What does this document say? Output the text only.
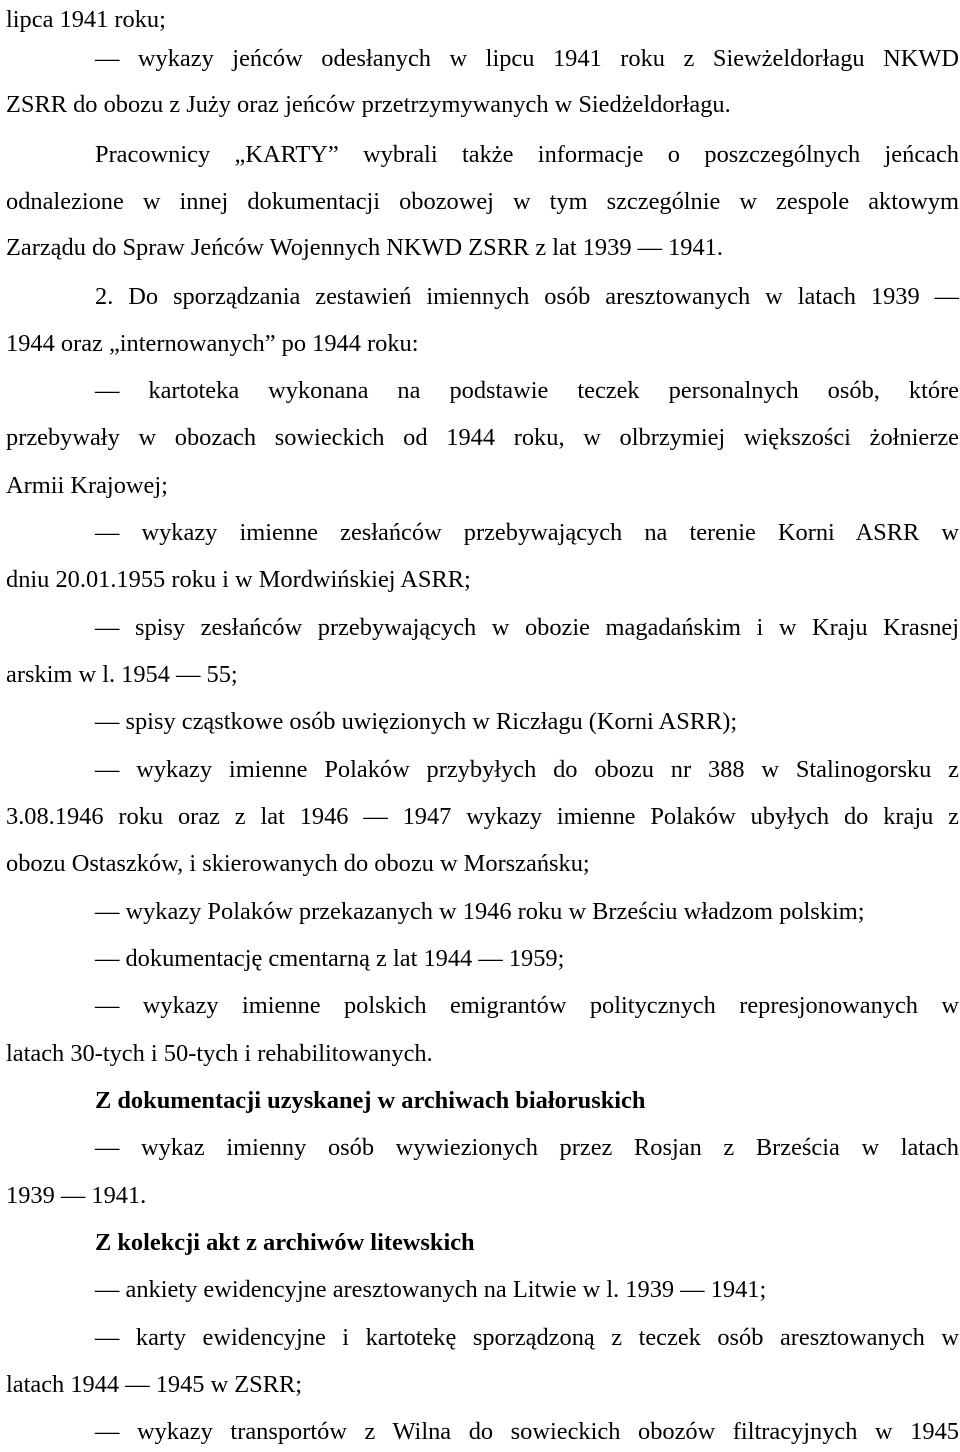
lipca 1941 roku;
— wykazy jeńców odesłanych w lipcu 1941 roku z Siewżeldorłagu NKWD
ZSRR do obozu z Juży oraz jeńców przetrzymywanych w Siedżeldorłagu.
Pracownicy „KARTY” wybrali także informacje o poszczególnych jeńcach
odnalezione w innej dokumentacji obozowej w tym szczególnie w zespole aktowym
Zarządu do Spraw Jeńców Wojennych NKWD ZSRR z lat 1939 — 1941.
2. Do sporządzania zestawień imiennych osób aresztowanych w latach 1939 —
1944 oraz „internowanych” po 1944 roku:
— kartoteka wykonana na podstawie teczek personalnych osób, które
przebywały w obozach sowieckich od 1944 roku, w olbrzymiej większości żołnierze
Armii Krajowej;
— wykazy imienne zesłańców przebywających na terenie Korni ASRR w
dniu 20.01.1955 roku i w Mordwińskiej ASRR;
— spisy zesłańców przebywających w obozie magadańskim i w Kraju Krasnej
arskim w l. 1954 — 55;
— spisy cząstkowe osób uwięzionych w Riczłagu (Korni ASRR);
— wykazy imienne Polaków przybyłych do obozu nr 388 w Stalinogorsku z
3.08.1946 roku oraz z lat 1946 — 1947 wykazy imienne Polaków ubyłych do kraju z
obozu Ostaszków, i skierowanych do obozu w Morszańsku;
— wykazy Polaków przekazanych w 1946 roku w Brześciu władzom polskim;
— dokumentację cmentarną z lat 1944 — 1959;
— wykazy imienne polskich emigrantów politycznych represjonowanych w
latach 30-tych i 50-tych i rehabilitowanych.
Z dokumentacji uzyskanej w archiwach białoruskich
— wykaz imienny osób wywiezionych przez Rosjan z Brześcia w latach
1939 — 1941.
Z kolekcji akt z archiwów litewskich
— ankiety ewidencyjne aresztowanych na Litwie w l. 1939 — 1941;
— karty ewidencyjne i kartotekę sporządzoną z teczek osób aresztowanych w
latach 1944 — 1945 w ZSRR;
— wykazy transportów z Wilna do sowieckich obozów filtracyjnych w 1945
